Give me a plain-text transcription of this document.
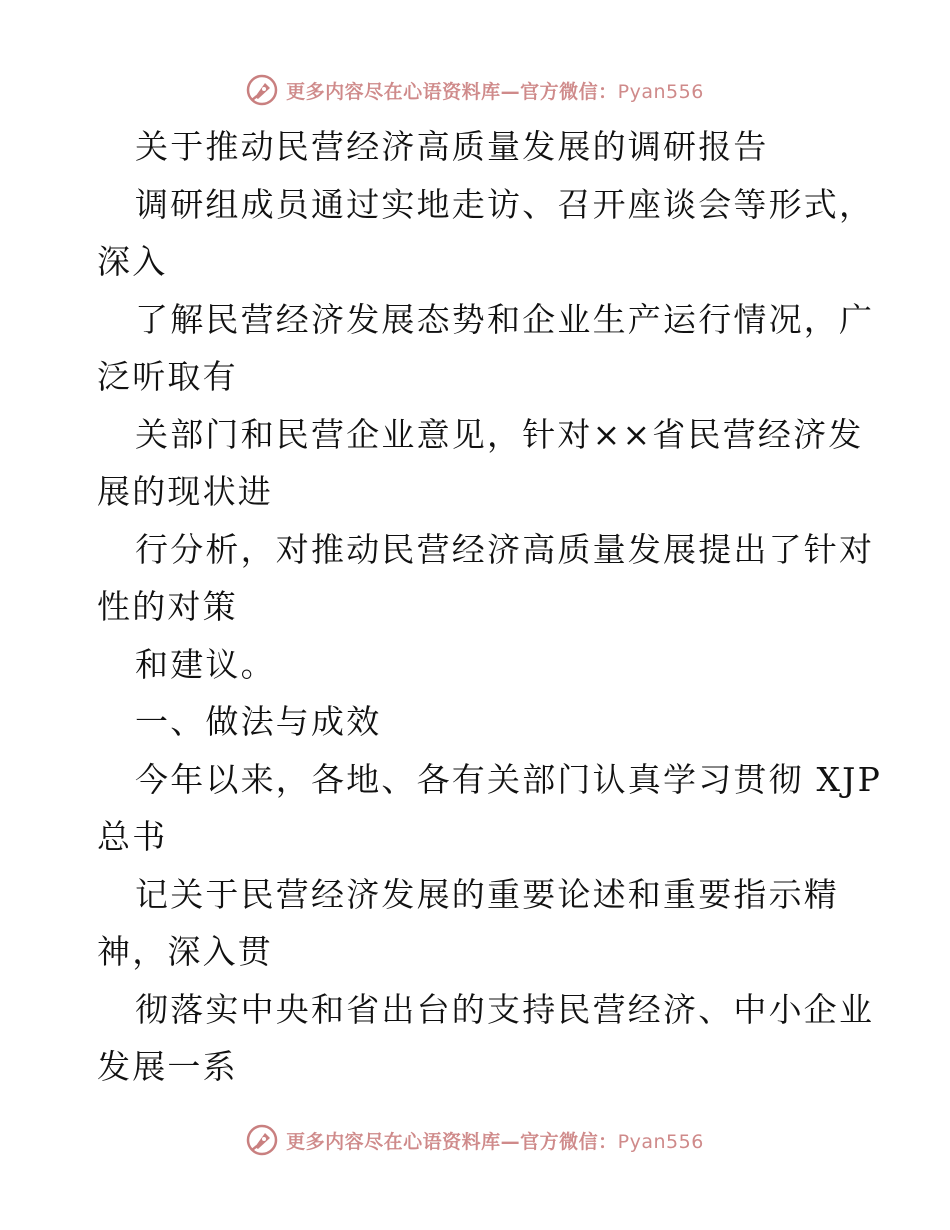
更多内容尽在心语资料库—官方微信：Pyan556
关于推动民营经济高质量发展的调研报告
调研组成员通过实地走访、召开座谈会等形式，
深入
了解民营经济发展态势和企业生产运行情况，广
泛听取有
关部门和民营企业意见，针对××省民营经济发
展的现状进
行分析，对推动民营经济高质量发展提出了针对
性的对策
和建议。
一、做法与成效
今年以来，各地、各有关部门认真学习贯彻 XJP
总书
记关于民营经济发展的重要论述和重要指示精
神，深入贯
彻落实中央和省出台的支持民营经济、中小企业
发展一系
更多内容尽在心语资料库—官方微信：Pyan556
